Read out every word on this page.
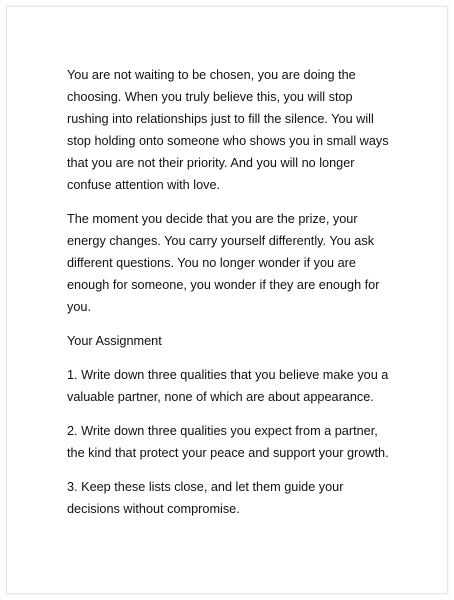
You are not waiting to be chosen, you are doing the choosing. When you truly believe this, you will stop rushing into relationships just to fill the silence. You will stop holding onto someone who shows you in small ways that you are not their priority. And you will no longer confuse attention with love.

The moment you decide that you are the prize, your energy changes. You carry yourself differently. You ask different questions. You no longer wonder if you are enough for someone, you wonder if they are enough for you.

Your Assignment

1. Write down three qualities that you believe make you a valuable partner, none of which are about appearance.

2. Write down three qualities you expect from a partner, the kind that protect your peace and support your growth.

3. Keep these lists close, and let them guide your decisions without compromise.
